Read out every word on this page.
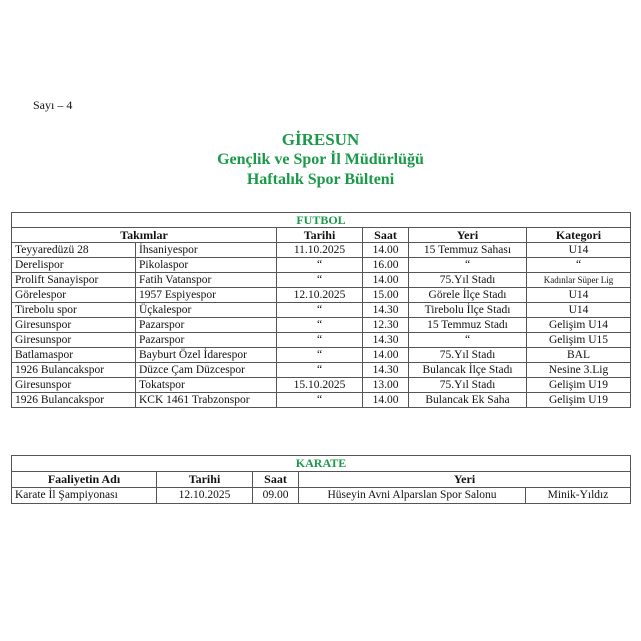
Sayı – 4
GİRESUN
Gençlik ve Spor İl Müdürlüğü
Haftalık Spor Bülteni
FUTBOL					
Takımlar		Tarihi	Saat	Yeri	Kategori
Teyyaredüzü 28	İhsaniyespor	11.10.2025	14.00	15 Temmuz Sahası	U14
Derelispor	Pikolaspor	“	16.00	“	“
Prolift Sanayispor	Fatih Vatanspor	“	14.00	75.Yıl Stadı	Kadınlar Süper Lig
Görelespor	1957 Espiyespor	12.10.2025	15.00	Görele İlçe Stadı	U14
Tirebolu spor	Üçkalespor	“	14.30	Tirebolu İlçe Stadı	U14
Giresunspor	Pazarspor	“	12.30	15 Temmuz Stadı	Gelişim U14
Giresunspor	Pazarspor	“	14.30	“	Gelişim U15
Batlamaspor	Bayburt Özel İdarespor	“	14.00	75.Yıl Stadı	BAL
1926 Bulancakspor	Düzce Çam Düzcespor	“	14.30	Bulancak İlçe Stadı	Nesine 3.Lig
Giresunspor	Tokatspor	15.10.2025	13.00	75.Yıl Stadı	Gelişim U19
1926 Bulancakspor	KCK 1461 Trabzonspor	“	14.00	Bulancak Ek Saha	Gelişim U19
KARATE				
Faaliyetin Adı	Tarihi	Saat	Yeri	
Karate İl Şampiyonası	12.10.2025	09.00	Hüseyin Avni Alparslan Spor Salonu	Minik-Yıldız
